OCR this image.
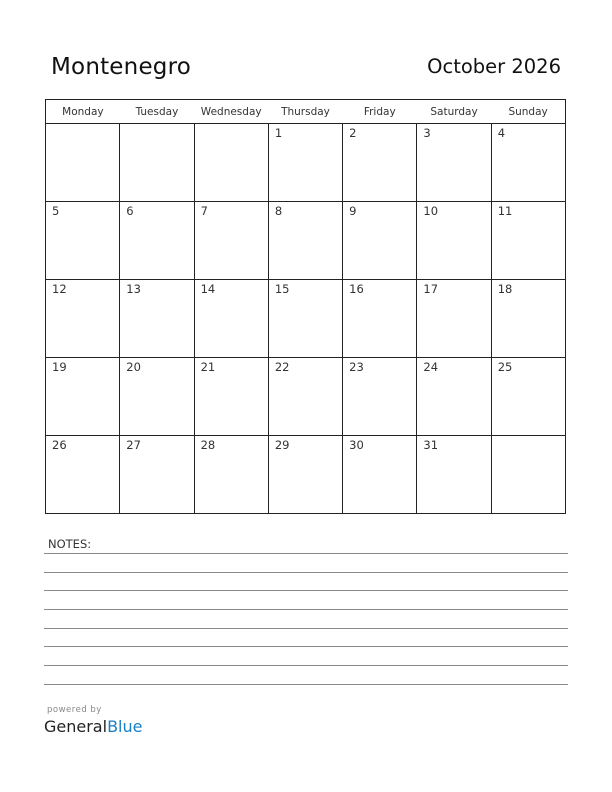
Montenegro	October 2026
Monday	Tuesday	Wednesday	Thursday	Friday	Saturday	Sunday

			1	2	3	4

5	6	7	8	9	10	11

12	13	14	15	16	17	18

19	20	21	22	23	24	25

26	27	28	29	30	31	

NOTES:
powered by
GeneralBlue
